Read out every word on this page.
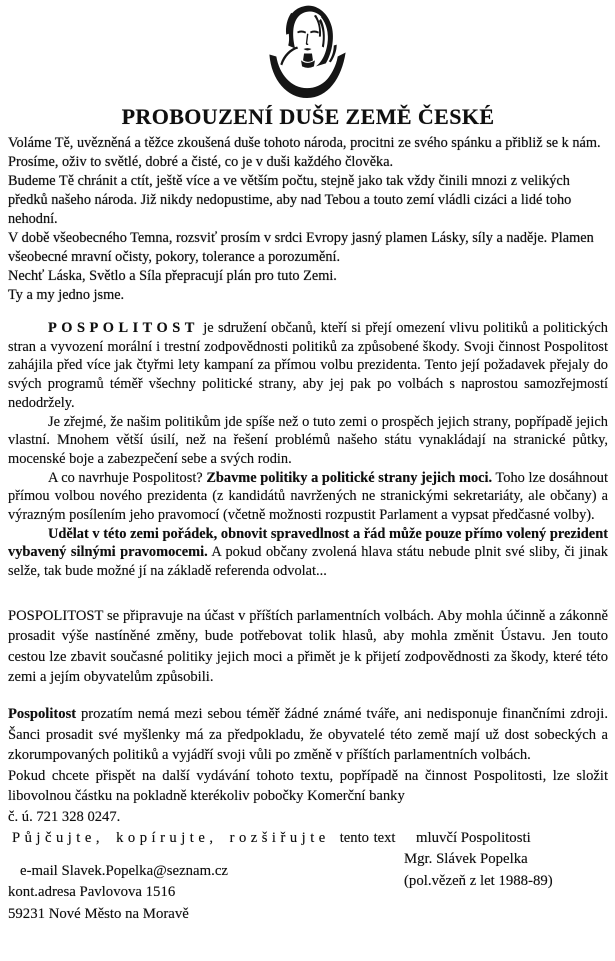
PROBOUZENÍ DUŠE ZEMĚ ČESKÉ

Voláme Tě, uvězněná a těžce zkoušená duše tohoto národa, procitni ze svého spánku a přibliž se k nám. Prosíme, oživ to světlé, dobré a čisté, co je v duši každého člověka.

Budeme Tě chránit a ctít, ještě více a ve větším počtu, stejně jako tak vždy činili mnozi z velikých předků našeho národa. Již nikdy nedopustime, aby nad Tebou a touto zemí vládli cizáci a lidé toho nehodní.

V době všeobecného Temna, rozsviť prosím v srdci Evropy jasný plamen Lásky, síly a naděje. Plamen všeobecné mravní očisty, pokory, tolerance a porozumění.

Nechť Láska, Světlo a Síla přepracují plán pro tuto Zemi.

Ty a my jedno jsme.

POSPOLITOST je sdružení občanů, kteří si přejí omezení vlivu politiků a politických stran a vyvození morální i trestní zodpovědnosti politiků za způsobené škody. Svoji činnost Pospolitost zahájila před více jak čtyřmi lety kampaní za přímou volbu prezidenta. Tento její požadavek přejaly do svých programů téměř všechny politické strany, aby jej pak po volbách s naprostou samozřejmostí nedodržely.

Je zřejmé, že našim politikům jde spíše než o tuto zemi o prospěch jejich strany, popřípadě jejich vlastní. Mnohem větší úsilí, než na řešení problémů našeho státu vynakládají na stranické půtky, mocenské boje a zabezpečení sebe a svých rodin.

A co navrhuje Pospolitost? Zbavme politiky a politické strany jejich moci. Toho lze dosáhnout přímou volbou nového prezidenta (z kandidátů navržených ne stranickými sekretariáty, ale občany) a výrazným posílením jeho pravomocí (včetně možnosti rozpustit Parlament a vypsat předčasné volby).

Udělat v této zemi pořádek, obnovit spravedlnost a řád může pouze přímo volený prezident vybavený silnými pravomocemi. A pokud občany zvolená hlava státu nebude plnit své sliby, či jinak selže, tak bude možné jí na základě referenda odvolat...

POSPOLITOST se připravuje na účast v příštích parlamentních volbách. Aby mohla účinně a zákonně prosadit výše nastíněné změny, bude potřebovat tolik hlasů, aby mohla změnit Ústavu. Jen touto cestou lze zbavit současné politiky jejich moci a přimět je k přijetí zodpovědnosti za škody, které této zemi a jejím obyvatelům způsobili.

Pospolitost prozatím nemá mezi sebou téměř žádné známé tváře, ani nedisponuje finančními zdroji. Šanci prosadit své myšlenky má za předpokladu, že obyvatelé této země mají už dost sobeckých a zkorumpovaných politiků a vyjádří svoji vůli po změně v příštích parlamentních volbách.

Pokud chcete přispět na další vydávání tohoto textu, popřípadě na činnost Pospolitosti, lze složit libovolnou částku na pokladně kterékoliv pobočky Komerční banky

č. ú. 721 328 0247.

Půjčujte, kopírujte, rozšiřujte tento text	mluvčí Pospolitosti
Mgr. Slávek Popelka
(pol.vězeň z let 1988-89)
e-mail Slavek.Popelka@seznam.cz
kont.adresa Pavlovova 1516
59231 Nové Město na Moravě
